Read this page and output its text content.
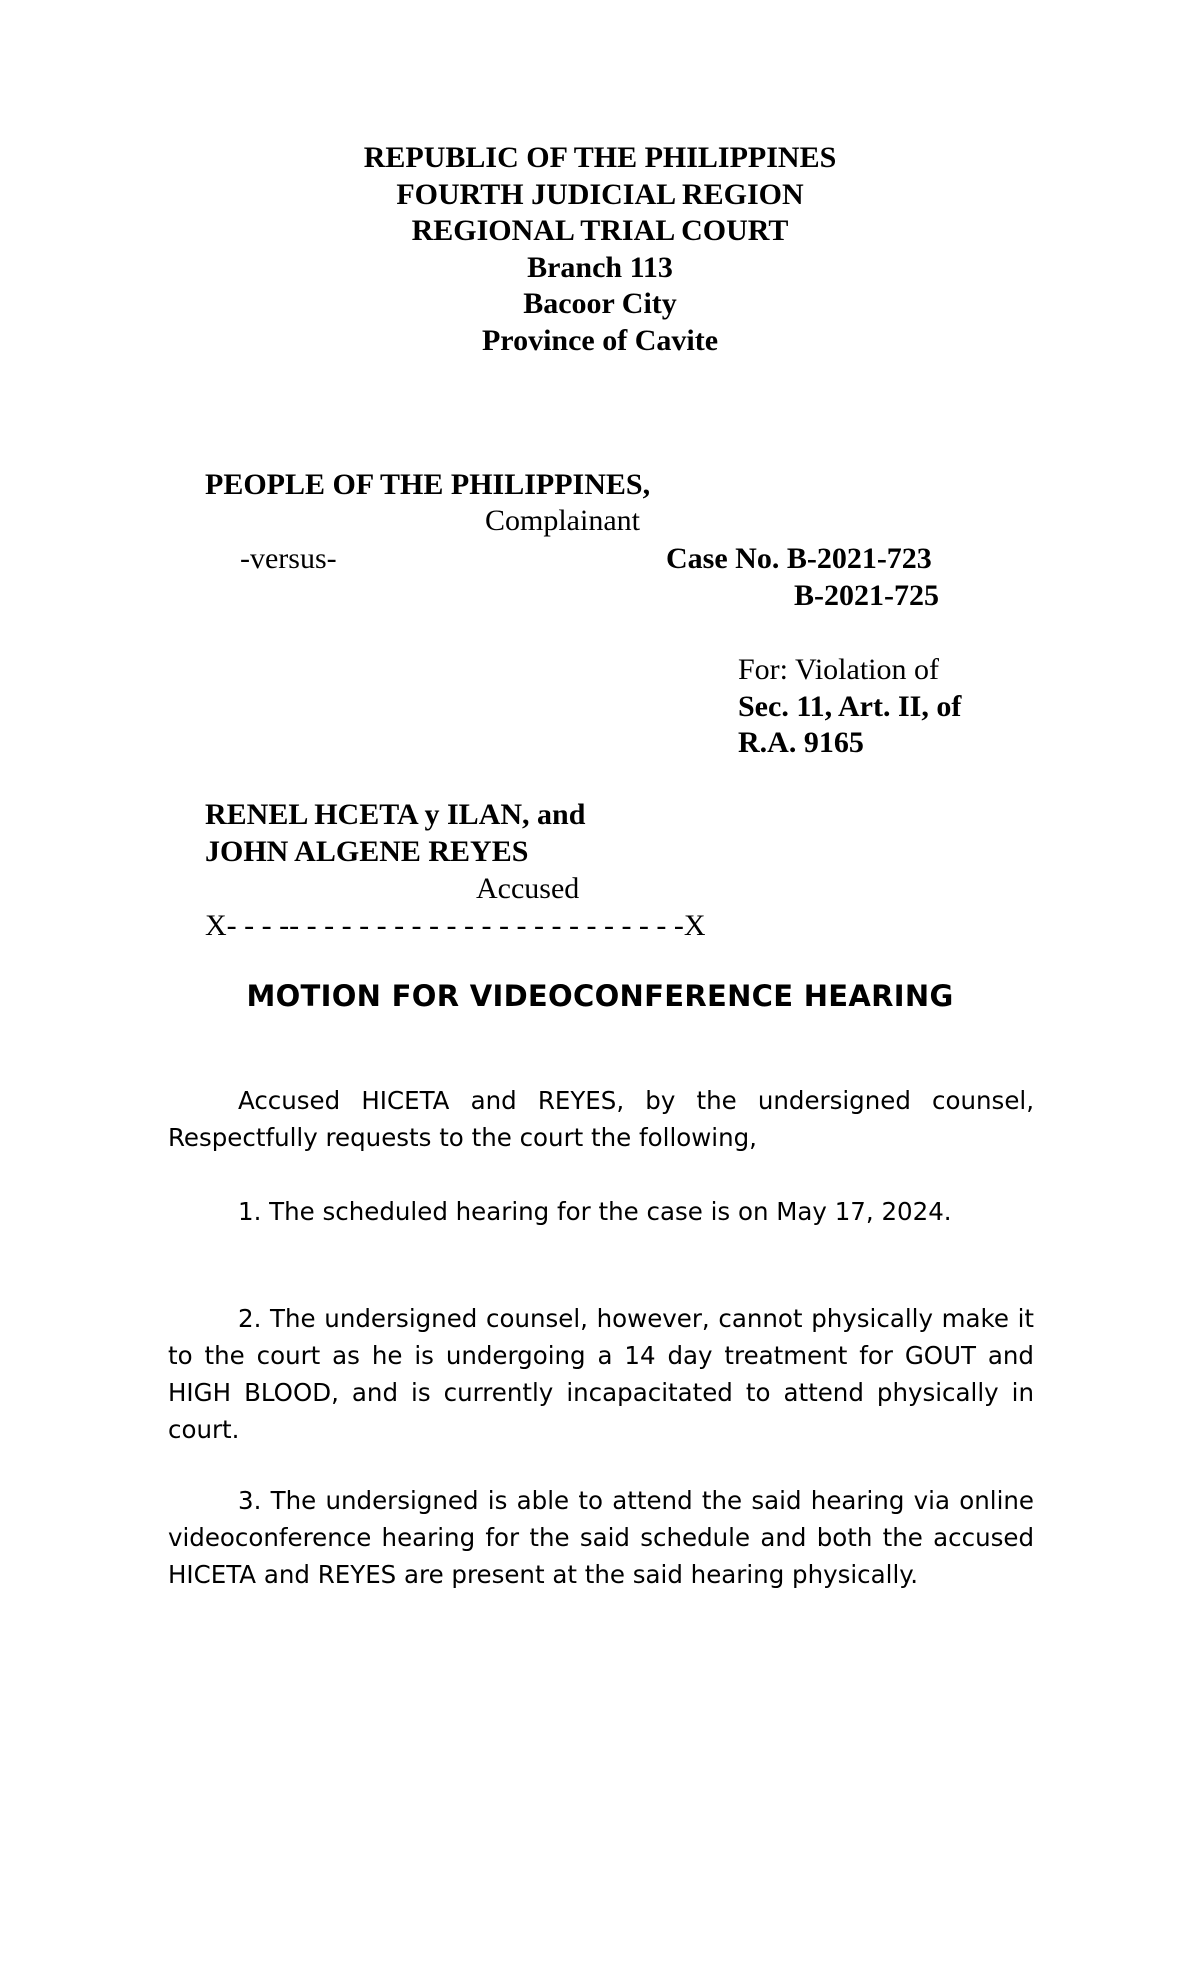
REPUBLIC OF THE PHILIPPINES
FOURTH JUDICIAL REGION
REGIONAL TRIAL COURT
Branch 113
Bacoor City
Province of Cavite
PEOPLE OF THE PHILIPPINES,
Complainant
-versus-	Case No. B-2021-723
B-2021-725
For: Violation of
Sec. 11, Art. II, of
R.A. 9165
RENEL HCETA y ILAN, and
JOHN ALGENE REYES
Accused
X- - - -- - - - - - - - - - - - - - - - - - - - - - -X
MOTION FOR VIDEOCONFERENCE HEARING

Accused HICETA and REYES, by the undersigned counsel, Respectfully requests to the court the following,

1. The scheduled hearing for the case is on May 17, 2024.

2. The undersigned counsel, however, cannot physically make it to the court as he is undergoing a 14 day treatment for GOUT and HIGH BLOOD, and is currently incapacitated to attend physically in court.

3. The undersigned is able to attend the said hearing via online videoconference hearing for the said schedule and both the accused HICETA and REYES are present at the said hearing physically.
